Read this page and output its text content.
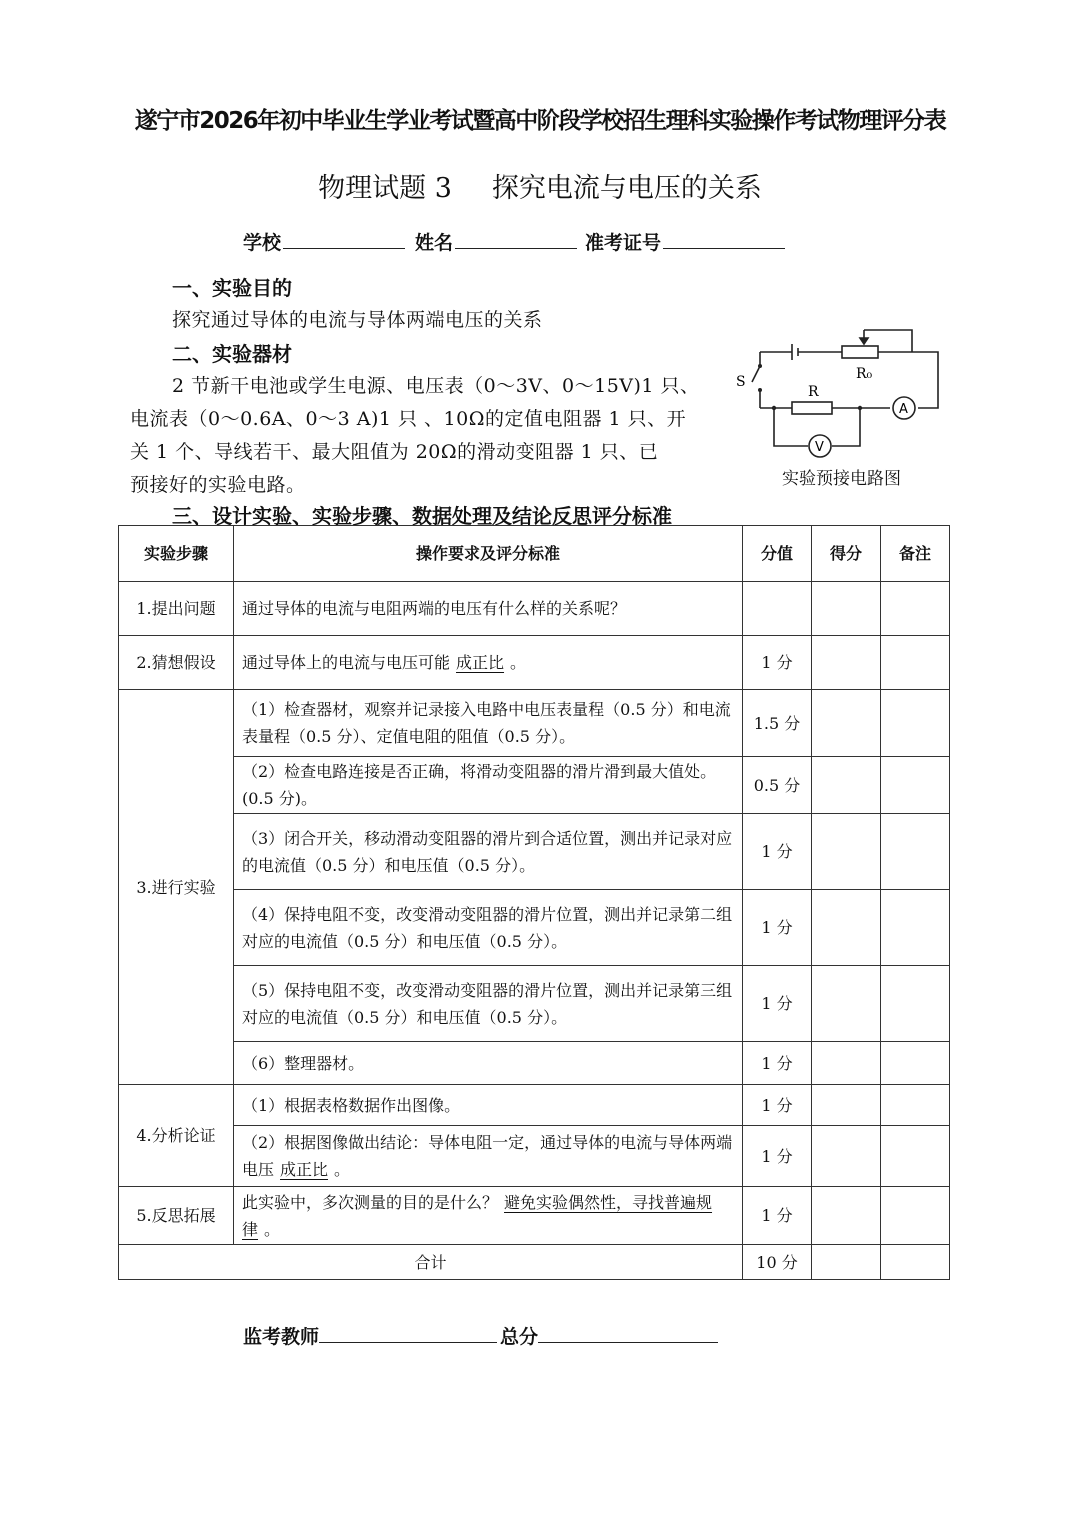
遂宁市2026年初中毕业生学业考试暨高中阶段学校招生理科实验操作考试物理评分表
物理试题 3 探究电流与电压的关系
学校	姓名	准考证号
一、实验目的
探究通过导体的电流与导体两端电压的关系
二、实验器材
2 节新干电池或学生电源、电压表（0～3V、0～15V)1 只、
电流表（0～0.6A、0～3 A)1 只 、10Ω的定值电阻器 1 只、开
关 1 个、导线若干、最大阻值为 20Ω的滑动变阻器 1 只、已
预接好的实验电路。
S	R₀
R
A
V
实验预接电路图
三、设计实验、实验步骤、数据处理及结论反思评分标准
实验步骤	操作要求及评分标准	分值	得分	备注
1.提出问题	通过导体的电流与电阻两端的电压有什么样的关系呢？			
2.猜想假设	通过导体上的电流与电压可能 成正比 。	1 分		
3.进行实验	（1）检查器材，观察并记录接入电路中电压表量程（0.5 分）和电流表量程（0.5 分）、定值电阻的阻值（0.5 分）。	1.5 分		
	（2）检查电路连接是否正确，将滑动变阻器的滑片滑到最大值处。(0.5 分)。	0.5 分		
	（3）闭合开关，移动滑动变阻器的滑片到合适位置，测出并记录对应的电流值（0.5 分）和电压值（0.5 分）。	1 分		
	（4）保持电阻不变，改变滑动变阻器的滑片位置，测出并记录第二组对应的电流值（0.5 分）和电压值（0.5 分）。	1 分		
	（5）保持电阻不变，改变滑动变阻器的滑片位置，测出并记录第三组对应的电流值（0.5 分）和电压值（0.5 分）。	1 分		
	（6）整理器材。	1 分		
4.分析论证	（1）根据表格数据作出图像。	1 分		
	（2）根据图像做出结论：导体电阻一定，通过导体的电流与导体两端电压 成正比 。	1 分		
5.反思拓展	此实验中，多次测量的目的是什么？ 避免实验偶然性，寻找普遍规律 。	1 分		
合计		10 分		
监考教师	总分
